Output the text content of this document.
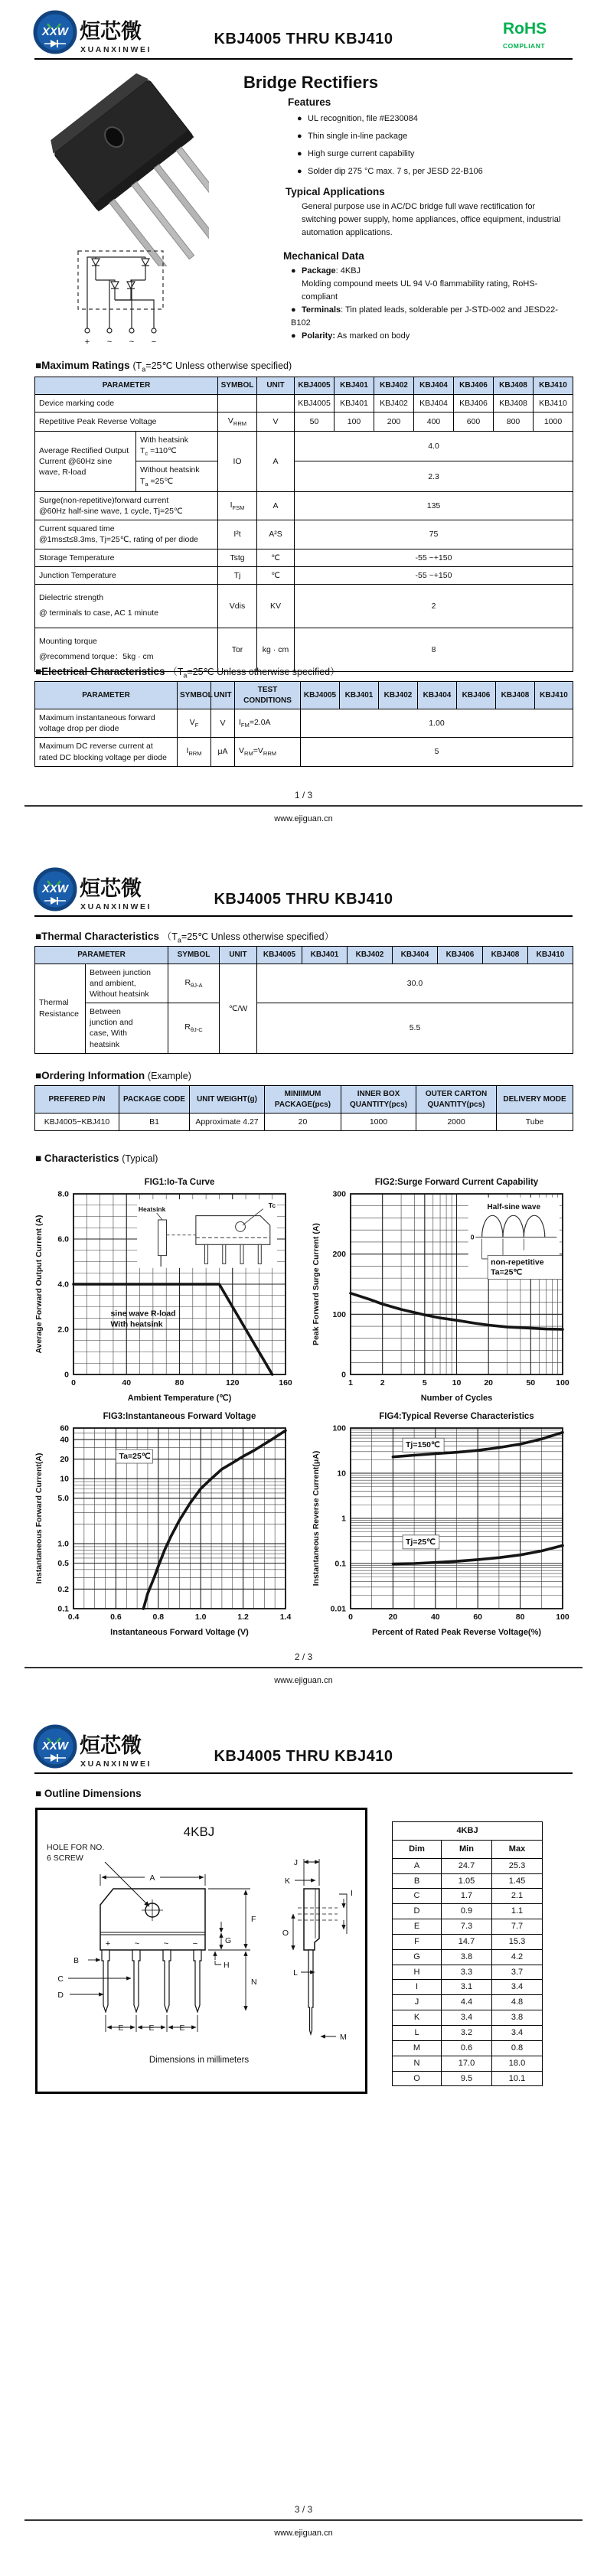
XXW 烜芯微
XUANXINWEI
KBJ4005 THRU KBJ410
RoHS
COMPLIANT
Bridge Rectifiers
Features
● UL recognition, file #E230084
● Thin single in-line package
● High surge current capability
● Solder dip 275 °C max. 7 s, per JESD 22-B106
Typical Applications
General purpose use in AC/DC bridge full wave rectification for switching power supply, home appliances, office equipment, industrial automation applications.
Mechanical Data
● Package: 4KBJ
Molding compound meets UL 94 V-0 flammability rating, RoHS-compliant
● Terminals: Tin plated leads, solderable per J-STD-002 and JESD22-B102
● Polarity: As marked on body
+ ~ ~ −
■Maximum Ratings ($T_a=25℃$ Unless otherwise specified)
PARAMETER		SYMBOL	UNIT	KBJ4005	KBJ401	KBJ402	KBJ404	KBJ406	KBJ408	KBJ410
Device marking code				KBJ4005	KBJ401	KBJ402	KBJ404	KBJ406	KBJ408	KBJ410
Repetitive Peak Reverse Voltage		$V_{RRM}$	V	50	100	200	400	600	800	1000
Average Rectified Output
Current @60Hz sine
wave, R-load	With heatsink
$T_c$ =110℃	IO	A	4.0						
	Without heatsink
$T_a$ =25℃			2.3						
Surge(non-repetitive)forward current
@60Hz half-sine wave, 1 cycle, Tj=25℃		$I_{FSM}$	A	135						
Current squared time
@1ms≤t≤8.3ms, Tj=25℃, rating of per diode		I²t	A²S	75						
Storage Temperature		Tstg	℃	-55 ~+150						
Junction Temperature		Tj	℃	-55 ~+150						
Dielectric strength
@ terminals to case, AC 1 minute		Vdis	KV	2						
Mounting torque
@recommend torque：5kg · cm		Tor	kg · cm	8						
■Electrical Characteristics （$T_a=25℃$ Unless otherwise specified）
PARAMETER	SYMBOL	UNIT	TEST
CONDITIONS	KBJ4005	KBJ401	KBJ402	KBJ404	KBJ406	KBJ408	KBJ410
Maximum instantaneous forward
voltage drop per diode	$V_F$	V	$I_{FM}=2.0A$	1.00						
Maximum DC reverse current at
rated DC blocking voltage per diode	$I_{RRM}$	μA	$V_{RM}=V_{RRM}$	5						
1 / 3
www.ejiguan.cn
XXW 烜芯微
XUANXINWEI	KBJ4005 THRU KBJ410
■Thermal Characteristics （$T_a=25℃$ Unless otherwise specified）
PARAMETER		SYMBOL	UNIT	KBJ4005	KBJ401	KBJ402	KBJ404	KBJ406	KBJ408	KBJ410
Thermal
Resistance	Between junction
and ambient,
Without heatsink	$R_{\theta J-A}$	℃/W	30.0						
	Between
junction and
case, With
heatsink	$R_{\theta J-C}$		5.5						
■Ordering Information (Example)
PREFERED P/N	PACKAGE CODE	UNIT WEIGHT(g)	MINIIMUM
PACKAGE(pcs)	INNER BOX
QUANTITY(pcs)	OUTER CARTON
QUANTITY(pcs)	DELIVERY MODE
KBJ4005~KBJ410	B1	Approximate 4.27	20	1000	2000	Tube
■ Characteristics (Typical)
0	40	80	120	160
0
2.0
4.0
6.0
8.0
Heatsink
Tc
sine wave R-load
With heatsink
FIG1:Io-Ta Curve
Ambient Temperature (℃)
Average Forward Output Current (A)
1	2	5	10	20	50	100
0
100
200
300
Half-sine wave
0
non-repetitive
Ta=25℃
FIG2:Surge Forward Current Capability
Number of Cycles
Peak Forward Surge Current (A)
0.4	0.6	0.8	1.0	1.2	1.4
0.1
0.2
0.5
1.0
5.0
10
20
40
60
Ta=25℃
FIG3:Instantaneous Forward Voltage
Instantaneous Forward Voltage (V)
Instantaneous Forward Current(A)
0	20	40	60	80	100
0.01
0.1
1
10
100
Tj=150℃
Tj=25℃
FIG4:Typical Reverse Characteristics
Percent of Rated Peak Reverse Voltage(%)
Instantaneous Reverse Current(μA)
2 / 3
www.ejiguan.cn
XXW 烜芯微
XUANXINWEI	KBJ4005 THRU KBJ410
■ Outline Dimensions
4KBJ
HOLE FOR NO.
6 SCREW
+	~	~	−
A
F
G
H
N
B
C
D
E	E	E
J
K
I
O
L
M
Dimensions in millimeters
4KBJ		
Dim	Min	Max
A	24.7	25.3
B	1.05	1.45
C	1.7	2.1
D	0.9	1.1
E	7.3	7.7
F	14.7	15.3
G	3.8	4.2
H	3.3	3.7
I	3.1	3.4
J	4.4	4.8
K	3.4	3.8
L	3.2	3.4
M	0.6	0.8
N	17.0	18.0
O	9.5	10.1
3 / 3
www.ejiguan.cn
